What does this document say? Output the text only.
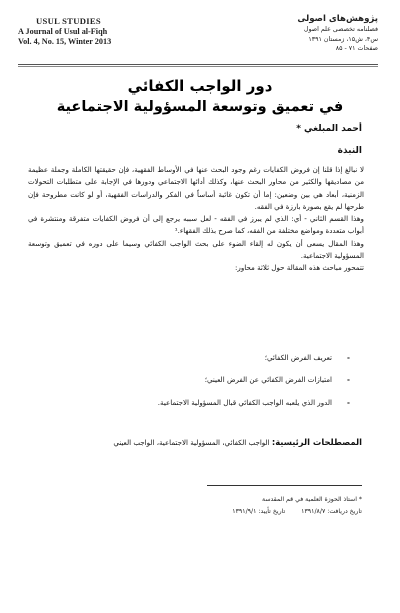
USUL STUDIES
A Journal of Usul al-Fiqh
Vol. 4, No. 15, Winter 2013
پژوهش‌های اصولی
فصلنامه تخصصی علم اصول
س۴، ش۱۵، زمستان ۱۳۹۱
صفحات ۷۱ - ۸۵
دور الواجب الكفائي
في تعميق وتوسعة المسؤولية الاجتماعية
أحمد المبلغي *
النبذة

لا نبالغ إذا قلنا إن فروض الكفايات رغم وجود البحث عنها في الأوساط الفقهية، فإن حقيقتها الكاملة وجملة عظيمة من مصاديقها والكثير من محاور البحث عنها، وكذلك أدائها الاجتماعي ودورها في الإجابة على متطلبات التحولات الزمنية، أبعاد هي بين وضعين: إما أن تكون غائبة أساساً في الفكر والدراسات الفقهية، أو لو كانت مطروحة فإن طرحها لم يقع بصورة بارزة في الفقه.

وهذا القسم الثاني - أي: الذي لم يبرز في الفقه - لعل سببه يرجع إلى أن فروض الكفايات متفرقة ومنتشرة في أبواب متعددة ومواضع مختلفة من الفقه، كما صرح بذلك الفقهاء.¹

وهذا المقال يسعى أن يكون له إلقاء الضوء على بحث الواجب الكفائي وسيما على دوره في تعميق وتوسعة المسؤولية الاجتماعية.

تتمحور مباحث هذه المقالة حول ثلاثة محاور:

-
تعريف الفرض الكفائي؛
-
امتيازات الفرض الكفائي عن الفرض العيني؛
-
الدور الذي يلعبه الواجب الكفائي قبال المسؤولية الاجتماعية.
المصطلحات الرئيسية: الواجب الكفائي، المسؤولية الاجتماعية، الواجب العيني
* استاذ الحوزة العلمية في قم المقدسة
تاريخ دريافت: ۱۳۹۱/۸/۷ تاريخ تأييد: ۱۳۹۱/۹/۱
